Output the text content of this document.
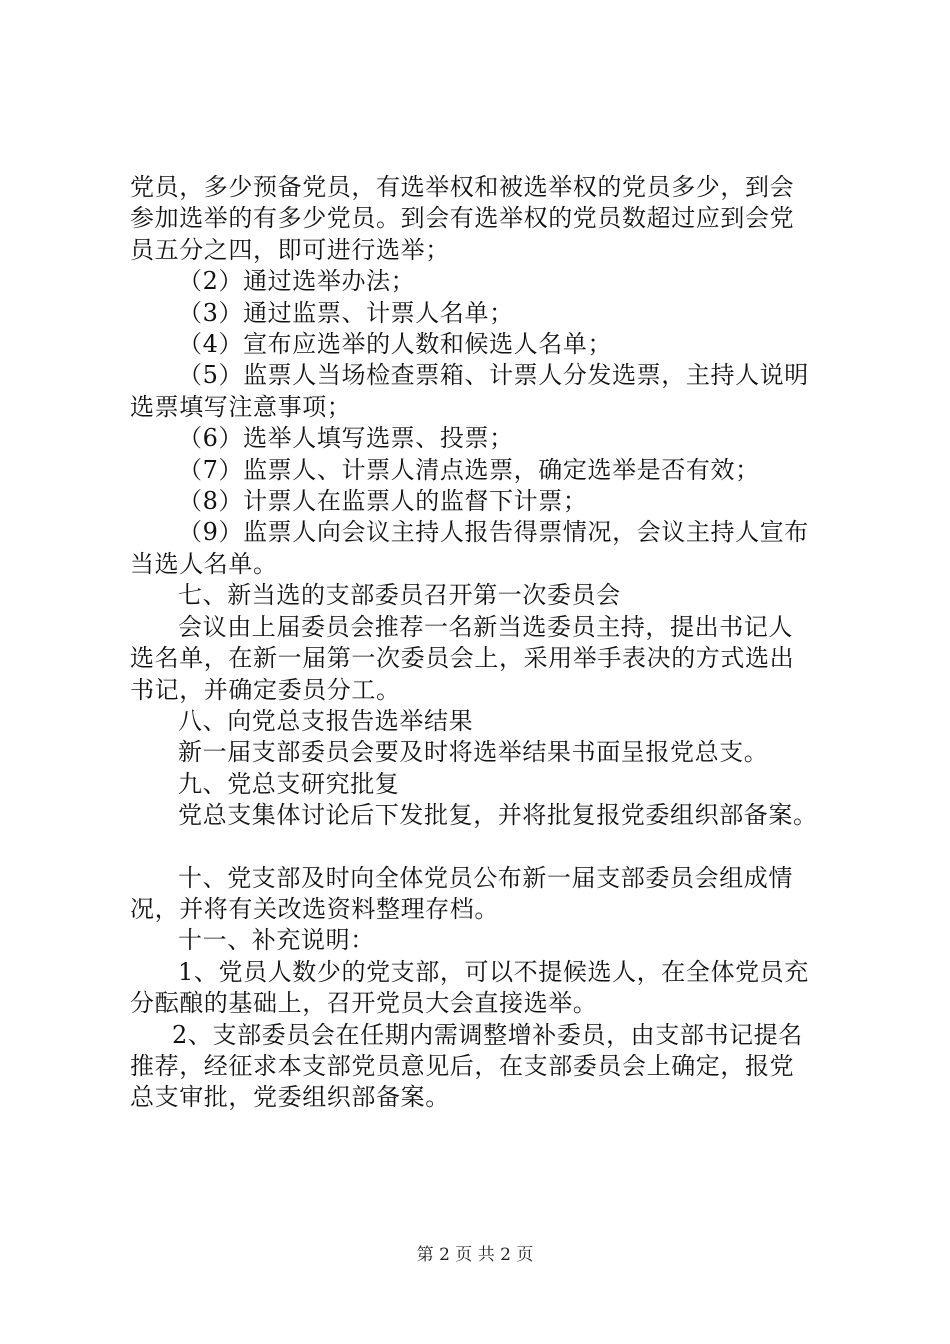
党员，多少预备党员，有选举权和被选举权的党员多少，到会

参加选举的有多少党员。到会有选举权的党员数超过应到会党

员五分之四，即可进行选举；

（2）通过选举办法；

（3）通过监票、计票人名单；

（4）宣布应选举的人数和候选人名单；

（5）监票人当场检查票箱、计票人分发选票，主持人说明

选票填写注意事项；

（6）选举人填写选票、投票；

（7）监票人、计票人清点选票，确定选举是否有效；

（8）计票人在监票人的监督下计票；

（9）监票人向会议主持人报告得票情况，会议主持人宣布

当选人名单。

七、新当选的支部委员召开第一次委员会

会议由上届委员会推荐一名新当选委员主持，提出书记人

选名单，在新一届第一次委员会上，采用举手表决的方式选出

书记，并确定委员分工。

八、向党总支报告选举结果

新一届支部委员会要及时将选举结果书面呈报党总支。

九、党总支研究批复

党总支集体讨论后下发批复，并将批复报党委组织部备案。

十、党支部及时向全体党员公布新一届支部委员会组成情

况，并将有关改选资料整理存档。

十一、补充说明：

1、党员人数少的党支部，可以不提候选人，在全体党员充

分酝酿的基础上，召开党员大会直接选举。

2、支部委员会在任期内需调整增补委员，由支部书记提名

推荐，经征求本支部党员意见后，在支部委员会上确定，报党

总支审批，党委组织部备案。

第 2 页 共 2 页
